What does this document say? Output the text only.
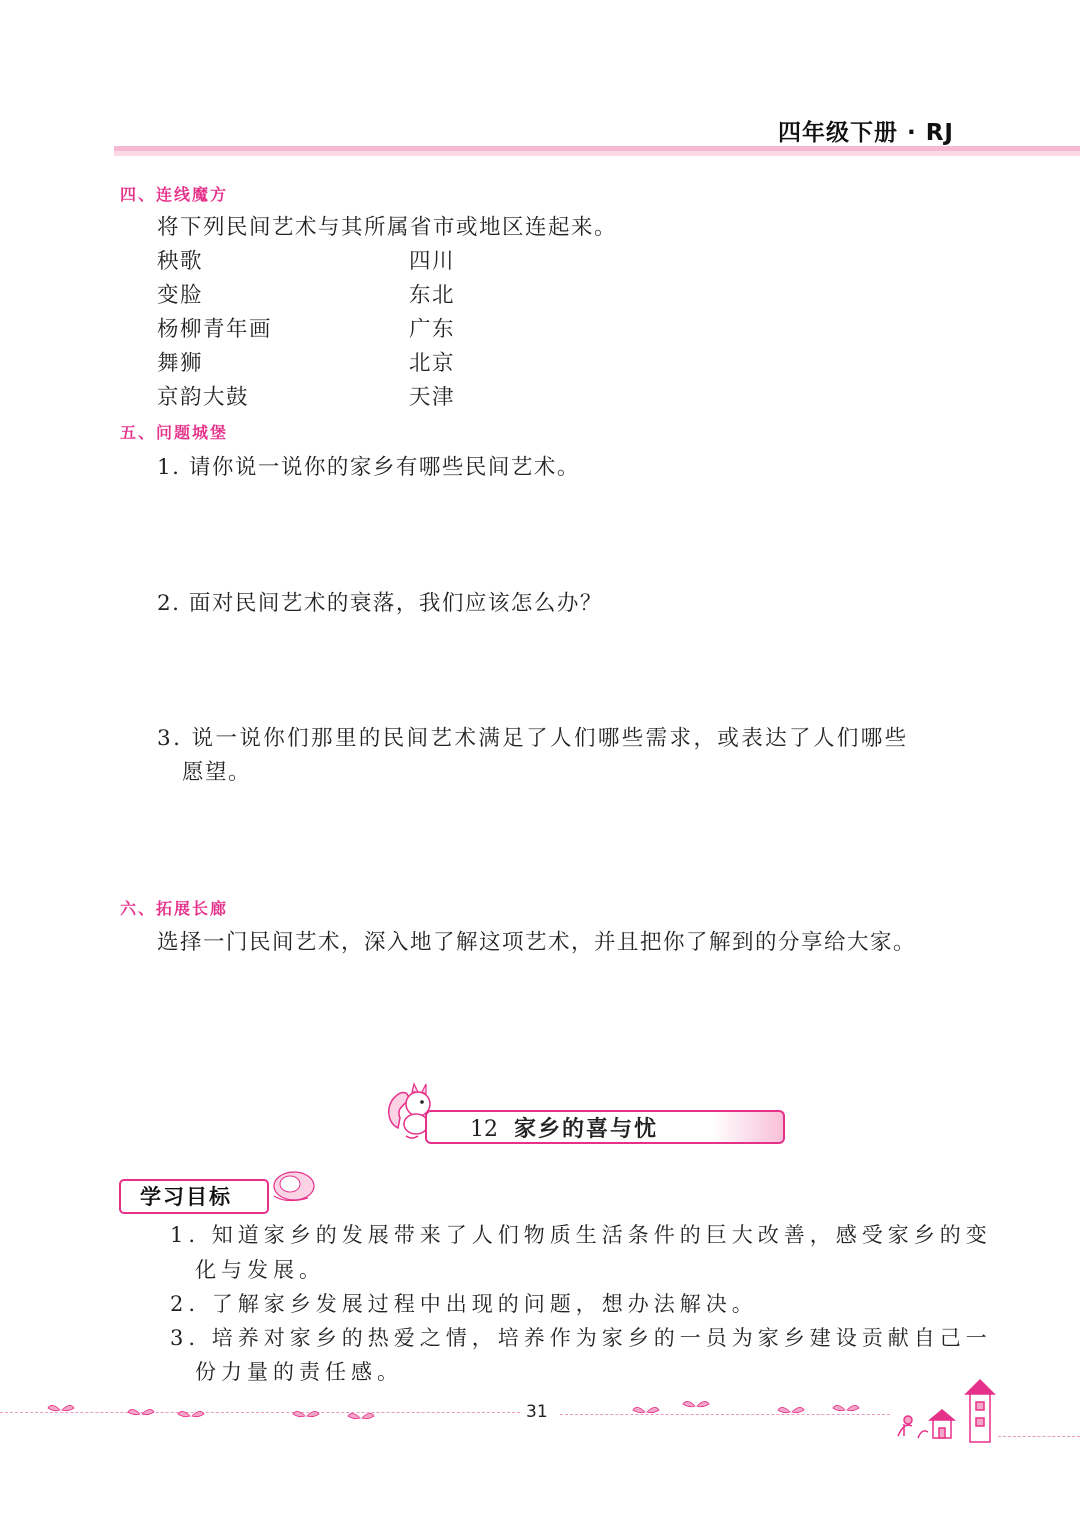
四年级下册 · RJ
四、连线魔方
将下列民间艺术与其所属省市或地区连起来。
秧歌
变脸
杨柳青年画
舞狮
京韵大鼓
四川
东北
广东
北京
天津
五、问题城堡
1. 请你说一说你的家乡有哪些民间艺术。
2. 面对民间艺术的衰落，我们应该怎么办？
3. 说一说你们那里的民间艺术满足了人们哪些需求，或表达了人们哪些
愿望。
六、拓展长廊
选择一门民间艺术，深入地了解这项艺术，并且把你了解到的分享给大家。
12 家乡的喜与忧
学习目标
1. 知道家乡的发展带来了人们物质生活条件的巨大改善，感受家乡的变
化与发展。
2. 了解家乡发展过程中出现的问题，想办法解决。
3. 培养对家乡的热爱之情，培养作为家乡的一员为家乡建设贡献自己一
份力量的责任感。
31
